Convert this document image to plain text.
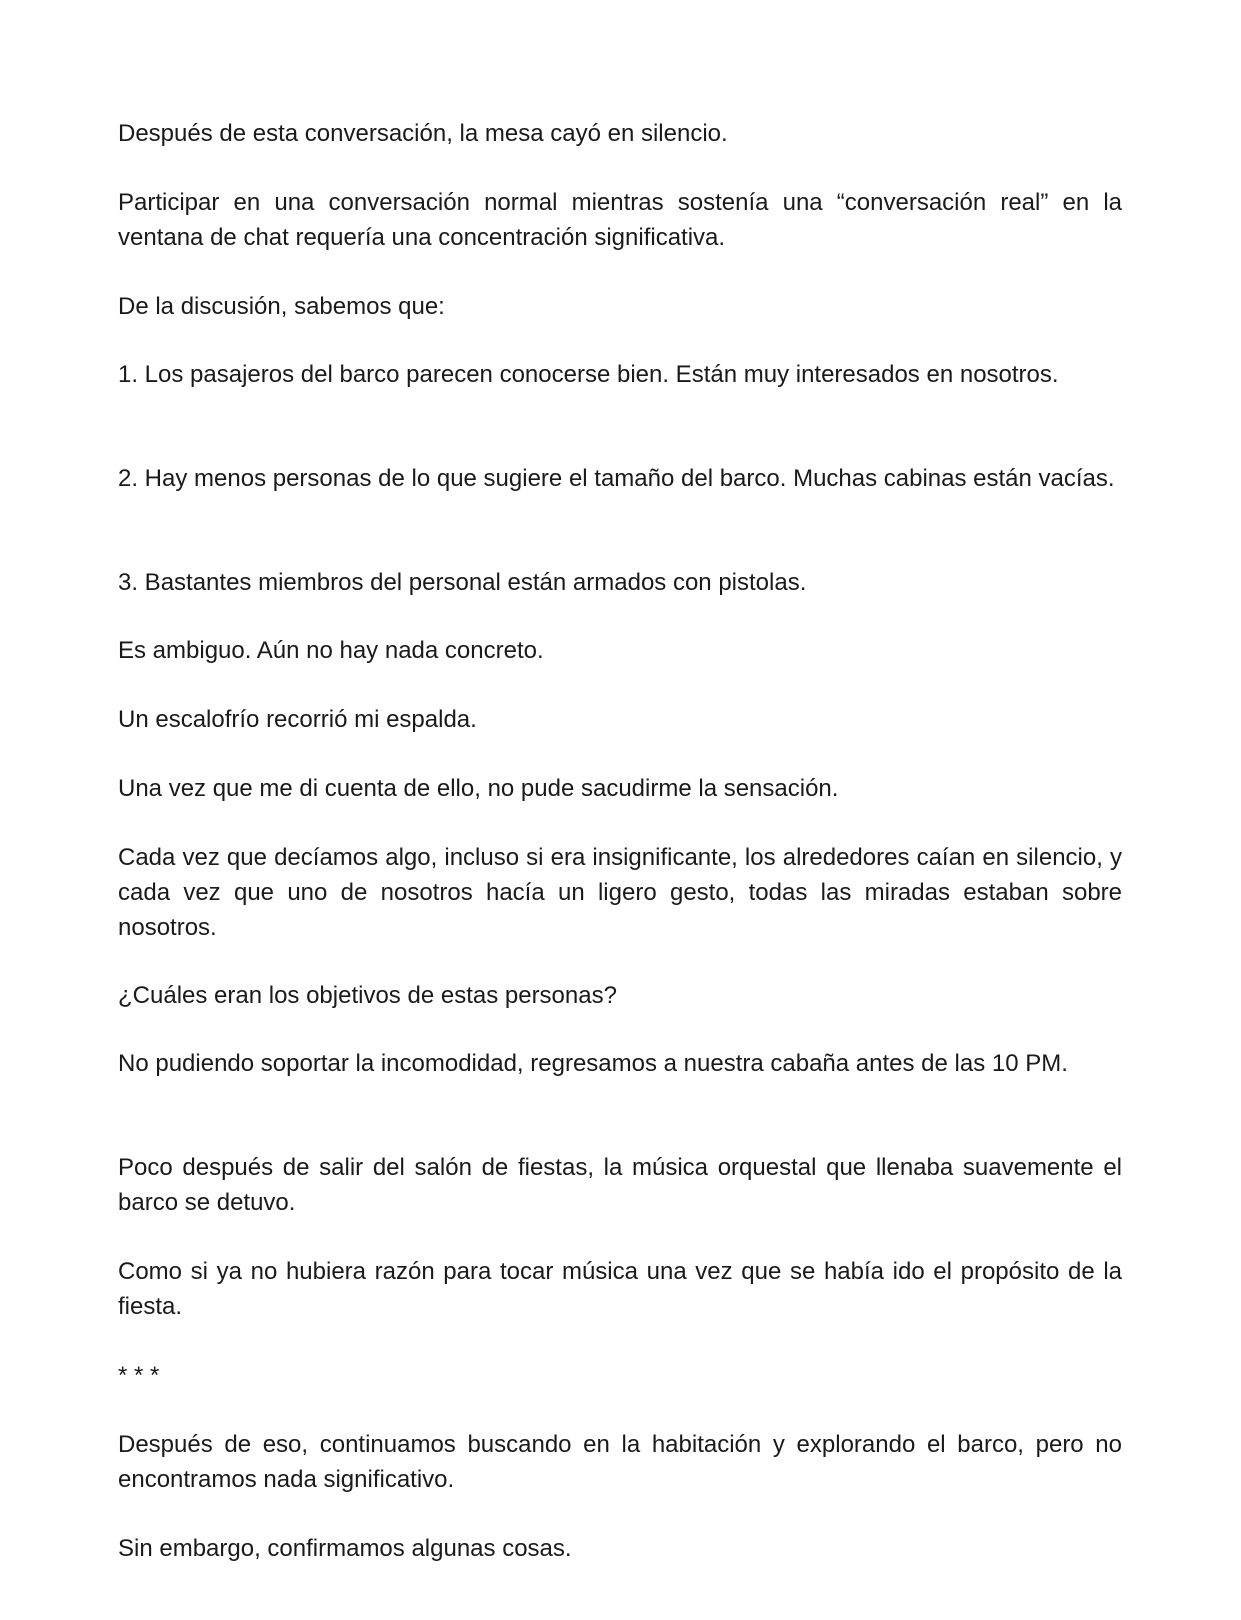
Después de esta conversación, la mesa cayó en silencio.

Participar en una conversación normal mientras sostenía una “conversación real” en la ventana de chat requería una concentración significativa.

De la discusión, sabemos que:

1. Los pasajeros del barco parecen conocerse bien. Están muy interesados en nosotros.

2. Hay menos personas de lo que sugiere el tamaño del barco. Muchas cabinas están vacías.

3. Bastantes miembros del personal están armados con pistolas.

Es ambiguo. Aún no hay nada concreto.

Un escalofrío recorrió mi espalda.

Una vez que me di cuenta de ello, no pude sacudirme la sensación.

Cada vez que decíamos algo, incluso si era insignificante, los alrededores caían en silencio, y cada vez que uno de nosotros hacía un ligero gesto, todas las miradas estaban sobre nosotros.

¿Cuáles eran los objetivos de estas personas?

No pudiendo soportar la incomodidad, regresamos a nuestra cabaña antes de las 10 PM.

Poco después de salir del salón de fiestas, la música orquestal que llenaba suavemente el barco se detuvo.

Como si ya no hubiera razón para tocar música una vez que se había ido el propósito de la fiesta.

* * *

Después de eso, continuamos buscando en la habitación y explorando el barco, pero no encontramos nada significativo.

Sin embargo, confirmamos algunas cosas.
